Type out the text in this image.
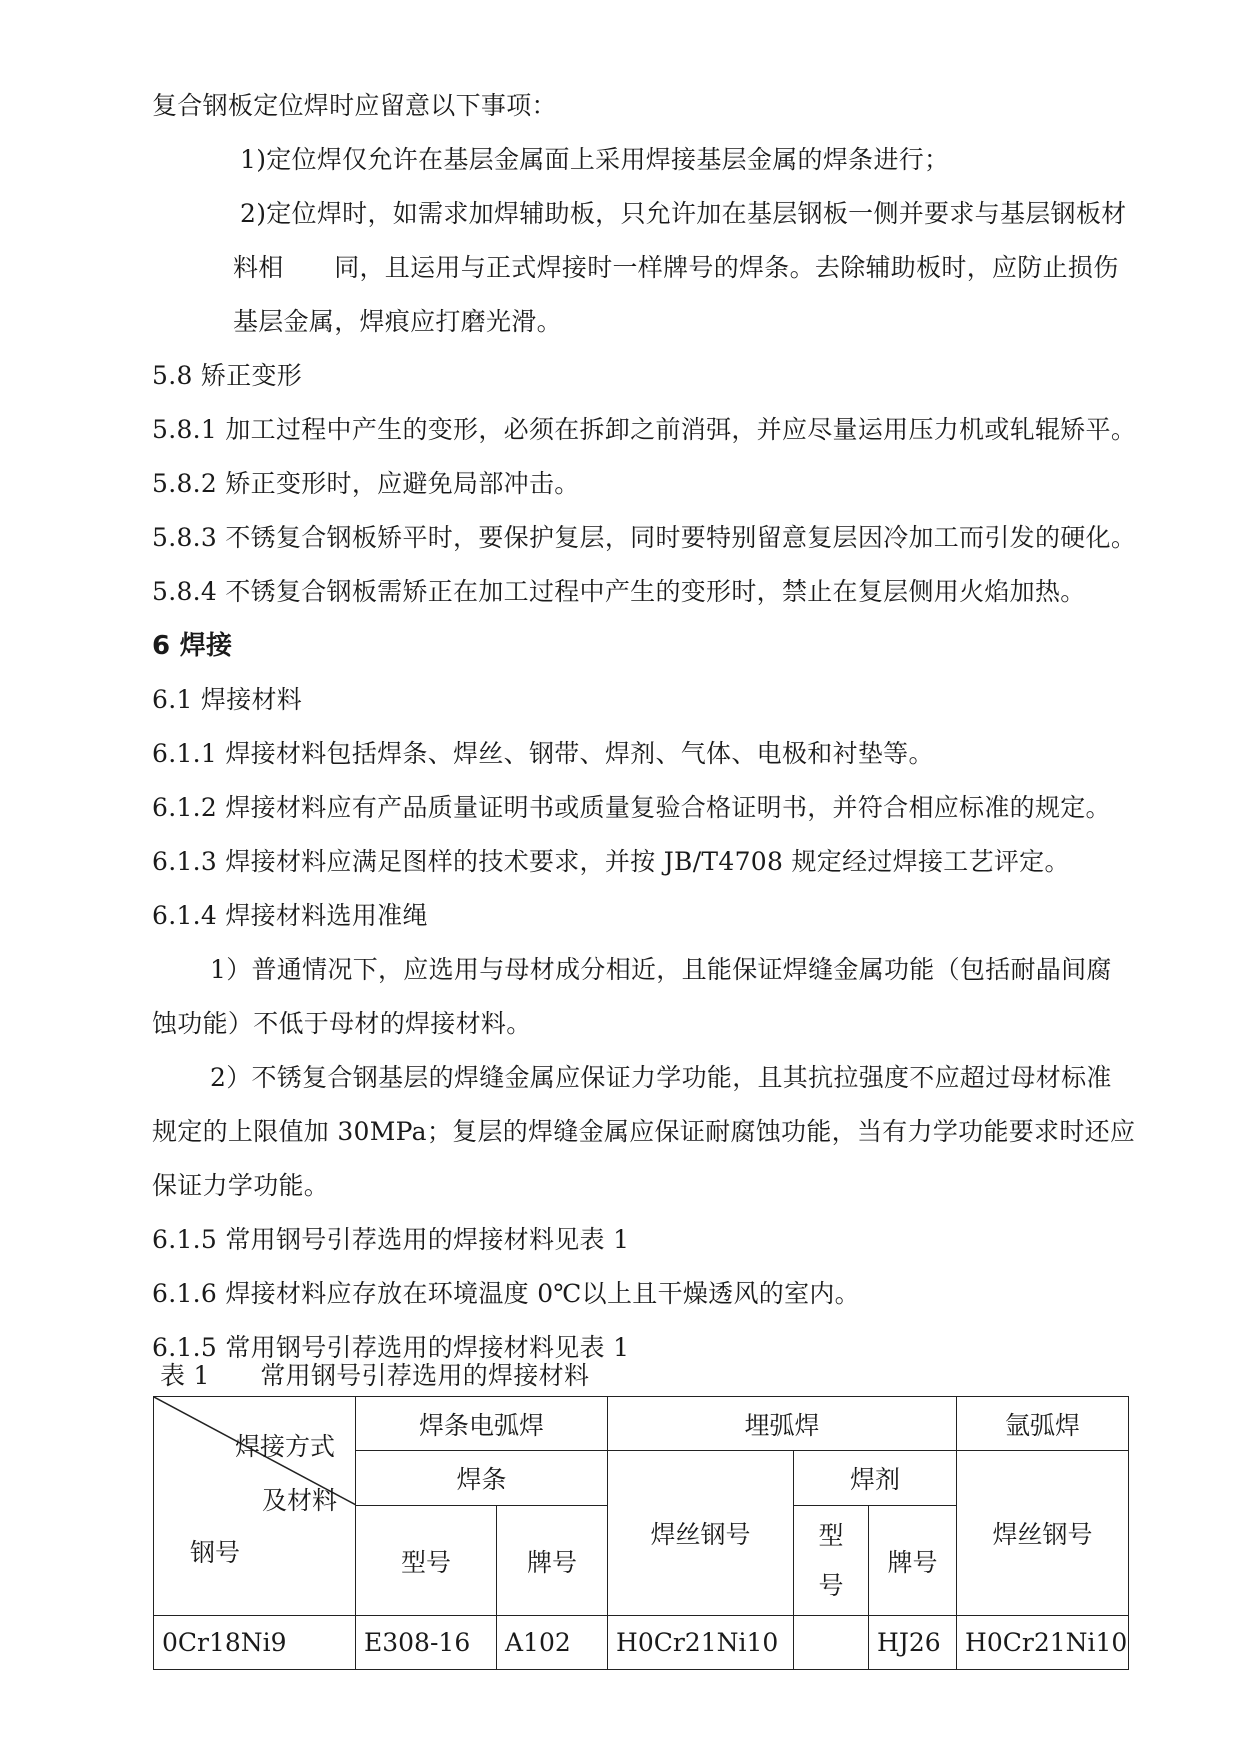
复合钢板定位焊时应留意以下事项：
1)定位焊仅允许在基层金属面上采用焊接基层金属的焊条进行；
2)定位焊时，如需求加焊辅助板，只允许加在基层钢板一侧并要求与基层钢板材
料相　　同，且运用与正式焊接时一样牌号的焊条。去除辅助板时，应防止损伤
基层金属，焊痕应打磨光滑。
5.8 矫正变形
5.8.1 加工过程中产生的变形，必须在拆卸之前消弭，并应尽量运用压力机或轧辊矫平。
5.8.2 矫正变形时，应避免局部冲击。
5.8.3 不锈复合钢板矫平时，要保护复层，同时要特别留意复层因冷加工而引发的硬化。
5.8.4 不锈复合钢板需矫正在加工过程中产生的变形时，禁止在复层侧用火焰加热。
6 焊接
6.1 焊接材料
6.1.1 焊接材料包括焊条、焊丝、钢带、焊剂、气体、电极和衬垫等。
6.1.2 焊接材料应有产品质量证明书或质量复验合格证明书，并符合相应标准的规定。
6.1.3 焊接材料应满足图样的技术要求，并按 JB/T4708 规定经过焊接工艺评定。
6.1.4 焊接材料选用准绳
1）普通情况下，应选用与母材成分相近，且能保证焊缝金属功能（包括耐晶间腐
蚀功能）不低于母材的焊接材料。
2）不锈复合钢基层的焊缝金属应保证力学功能，且其抗拉强度不应超过母材标准
规定的上限值加 30MPa；复层的焊缝金属应保证耐腐蚀功能，当有力学功能要求时还应
保证力学功能。
6.1.5 常用钢号引荐选用的焊接材料见表 1
6.1.6 焊接材料应存放在环境温度 0℃以上且干燥透风的室内。
6.1.5 常用钢号引荐选用的焊接材料见表 1
表 1　　常用钢号引荐选用的焊接材料
焊接方式
及材料
钢号	焊条电弧焊		埋弧焊			氩弧焊
	焊条		焊丝钢号	焊剂		焊丝钢号
	型号	牌号		型
号	牌号	
0Cr18Ni9	E308-16	A102	H0Cr21Ni10		HJ26	H0Cr21Ni10
